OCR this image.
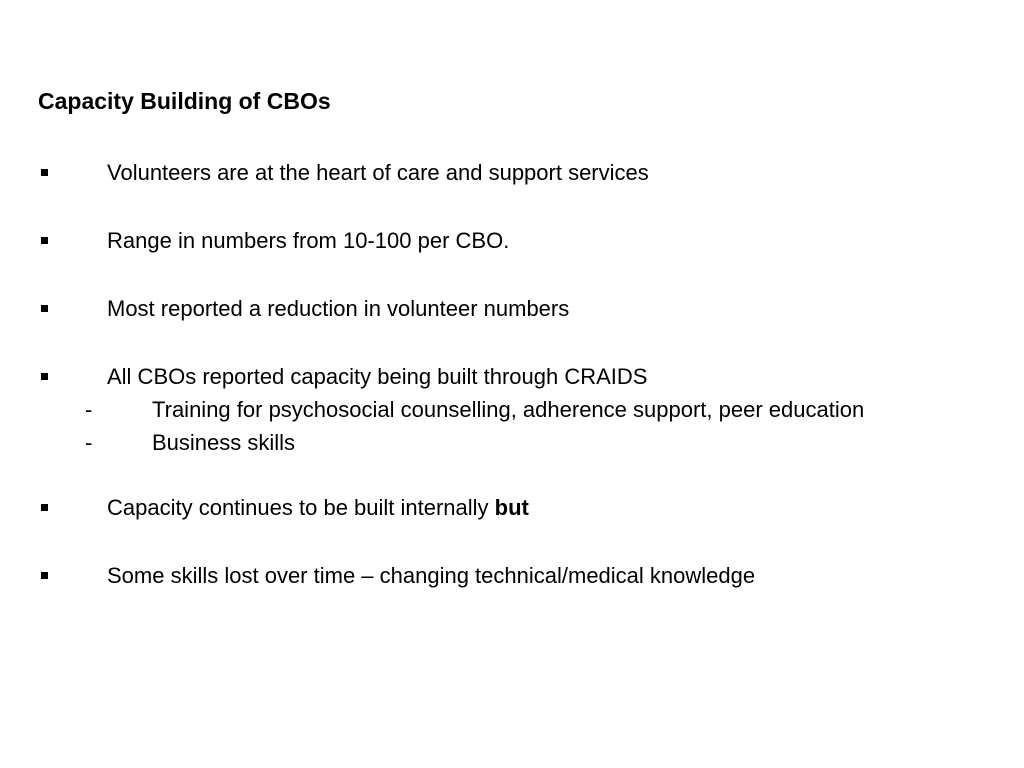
Capacity Building of CBOs
Volunteers are at the heart of care and support services
Range in numbers from 10-100 per CBO.
Most reported a reduction in volunteer numbers
All CBOs reported capacity being built through CRAIDS
-	Training for psychosocial counselling, adherence support, peer education
-	Business skills
Capacity continues to be built internally but
Some skills lost over time – changing technical/medical knowledge
